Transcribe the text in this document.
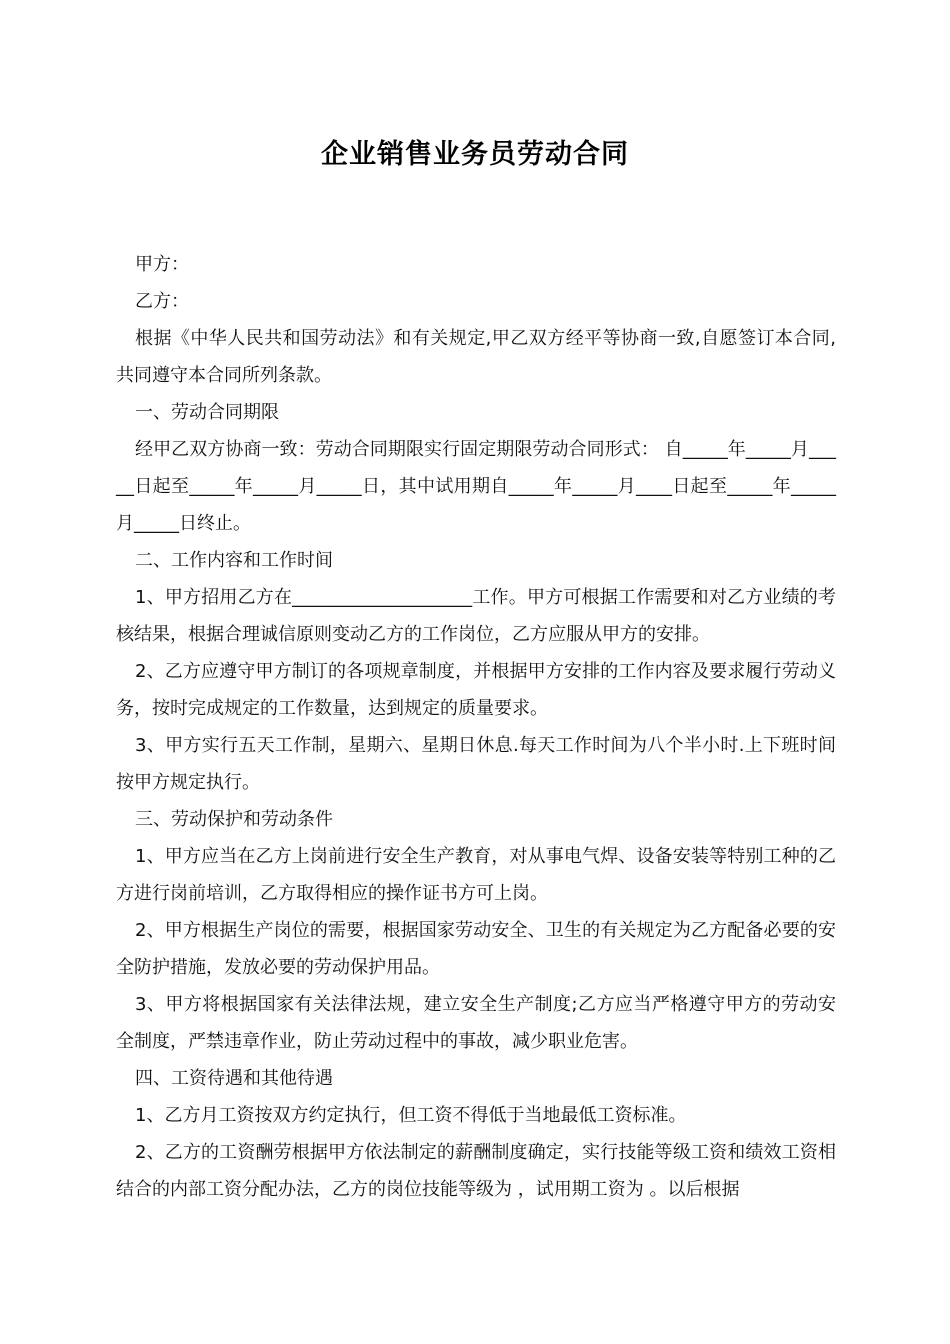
企业销售业务员劳动合同

甲方：

乙方：

根据《中华人民共和国劳动法》和有关规定,甲乙双方经平等协商一致,自愿签订本合同,共同遵守本合同所列条款。

一、劳动合同期限

经甲乙双方协商一致：劳动合同期限实行固定期限劳动合同形式： 自_____年_____月_____日起至_____年_____月_____日，其中试用期自_____年_____月____日起至_____年_____月_____日终止。

二、工作内容和工作时间

1、甲方招用乙方在____________________工作。甲方可根据工作需要和对乙方业绩的考核结果，根据合理诚信原则变动乙方的工作岗位，乙方应服从甲方的安排。

2、乙方应遵守甲方制订的各项规章制度，并根据甲方安排的工作内容及要求履行劳动义务，按时完成规定的工作数量，达到规定的质量要求。

3、甲方实行五天工作制，星期六、星期日休息.每天工作时间为八个半小时.上下班时间按甲方规定执行。

三、劳动保护和劳动条件

1、甲方应当在乙方上岗前进行安全生产教育，对从事电气焊、设备安装等特别工种的乙方进行岗前培训，乙方取得相应的操作证书方可上岗。

2、甲方根据生产岗位的需要，根据国家劳动安全、卫生的有关规定为乙方配备必要的安全防护措施，发放必要的劳动保护用品。

3、甲方将根据国家有关法律法规，建立安全生产制度;乙方应当严格遵守甲方的劳动安全制度，严禁违章作业，防止劳动过程中的事故，减少职业危害。

四、工资待遇和其他待遇

1、乙方月工资按双方约定执行，但工资不得低于当地最低工资标准。

2、乙方的工资酬劳根据甲方依法制定的薪酬制度确定，实行技能等级工资和绩效工资相结合的内部工资分配办法，乙方的岗位技能等级为 ，试用期工资为 。以后根据
